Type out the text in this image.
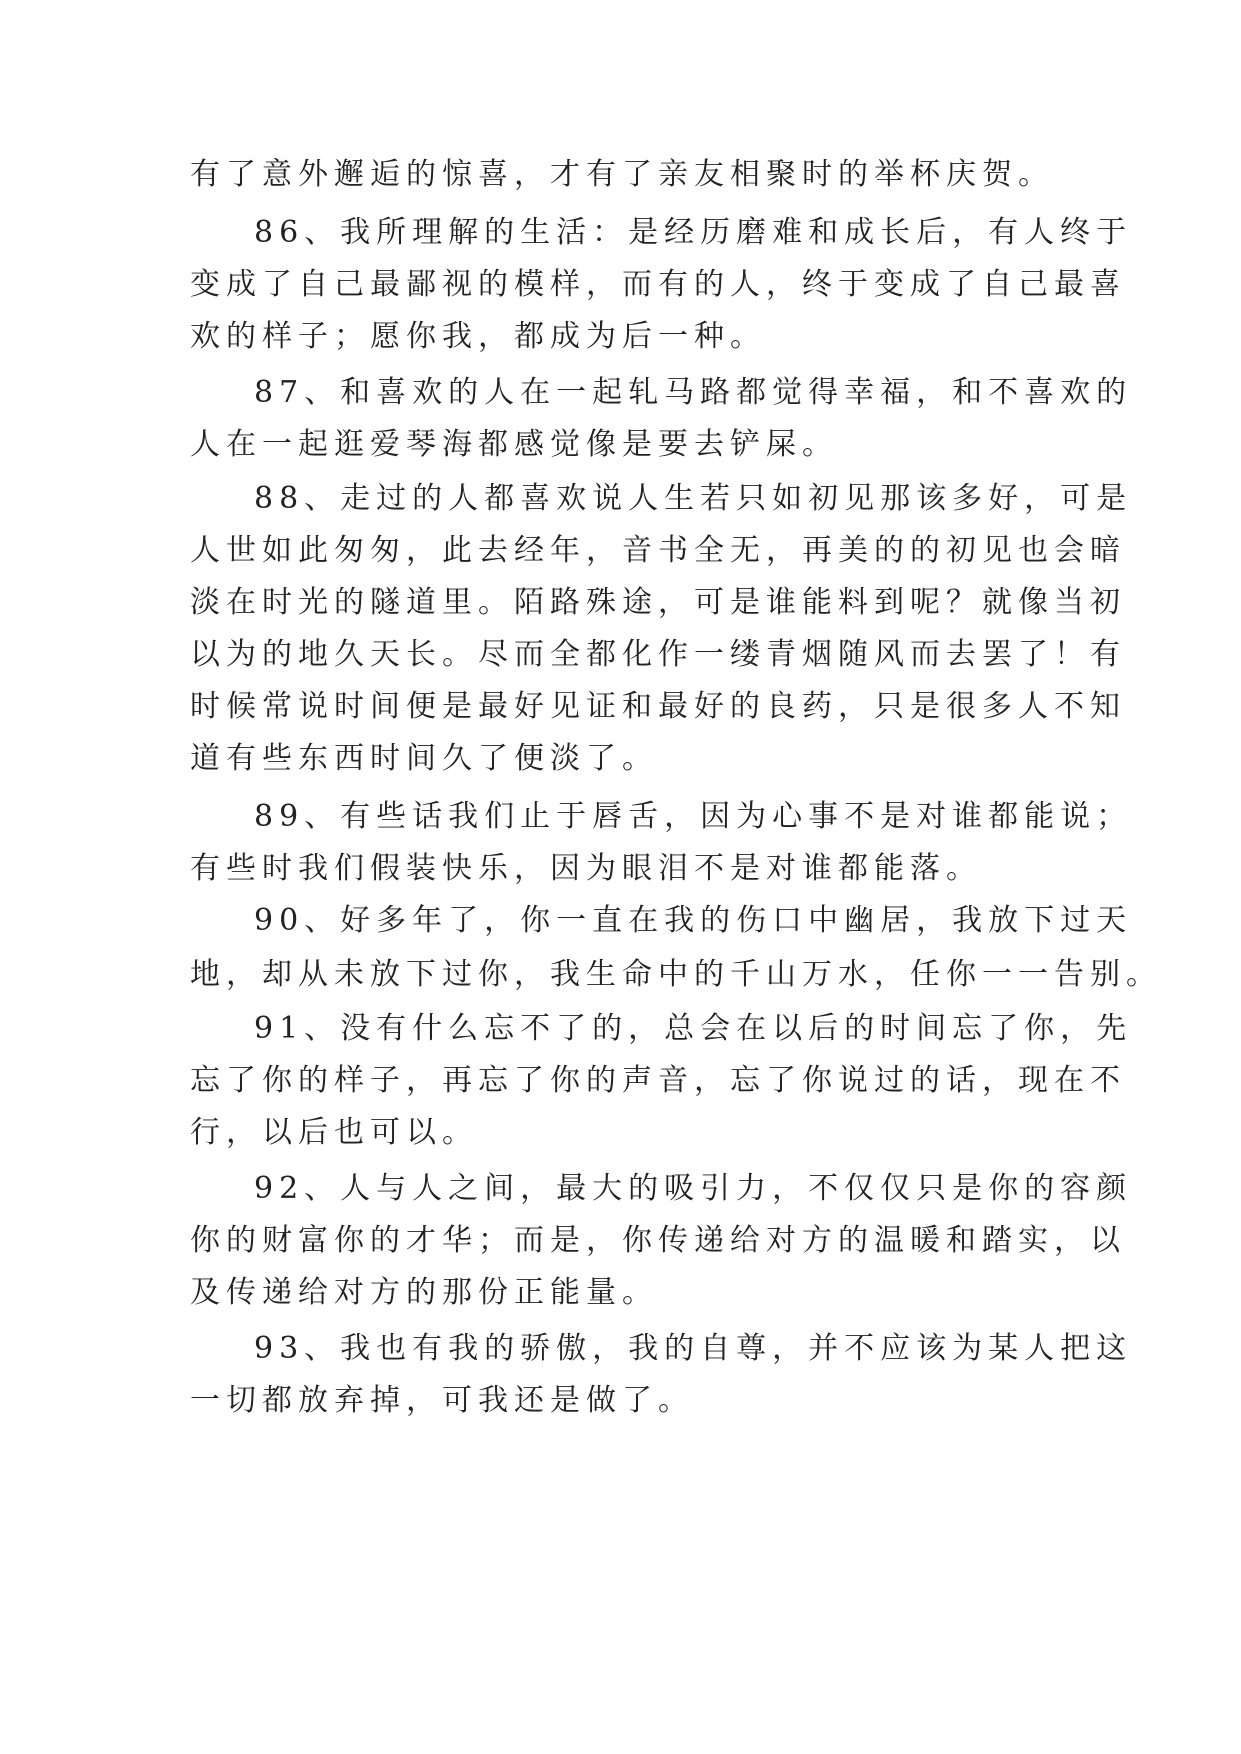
有了意外邂逅的惊喜，才有了亲友相聚时的举杯庆贺。
86、我所理解的生活：是经历磨难和成长后，有人终于
变成了自己最鄙视的模样，而有的人，终于变成了自己最喜
欢的样子；愿你我，都成为后一种。
87、和喜欢的人在一起轧马路都觉得幸福，和不喜欢的
人在一起逛爱琴海都感觉像是要去铲屎。
88、走过的人都喜欢说人生若只如初见那该多好，可是
人世如此匆匆，此去经年，音书全无，再美的的初见也会暗
淡在时光的隧道里。陌路殊途，可是谁能料到呢？就像当初
以为的地久天长。尽而全都化作一缕青烟随风而去罢了！有
时候常说时间便是最好见证和最好的良药，只是很多人不知
道有些东西时间久了便淡了。
89、有些话我们止于唇舌，因为心事不是对谁都能说；
有些时我们假装快乐，因为眼泪不是对谁都能落。
90、好多年了，你一直在我的伤口中幽居，我放下过天
地，却从未放下过你，我生命中的千山万水，任你一一告别。
91、没有什么忘不了的，总会在以后的时间忘了你，先
忘了你的样子，再忘了你的声音，忘了你说过的话，现在不
行，以后也可以。
92、人与人之间，最大的吸引力，不仅仅只是你的容颜
你的财富你的才华；而是，你传递给对方的温暖和踏实，以
及传递给对方的那份正能量。
93、我也有我的骄傲，我的自尊，并不应该为某人把这
一切都放弃掉，可我还是做了。
